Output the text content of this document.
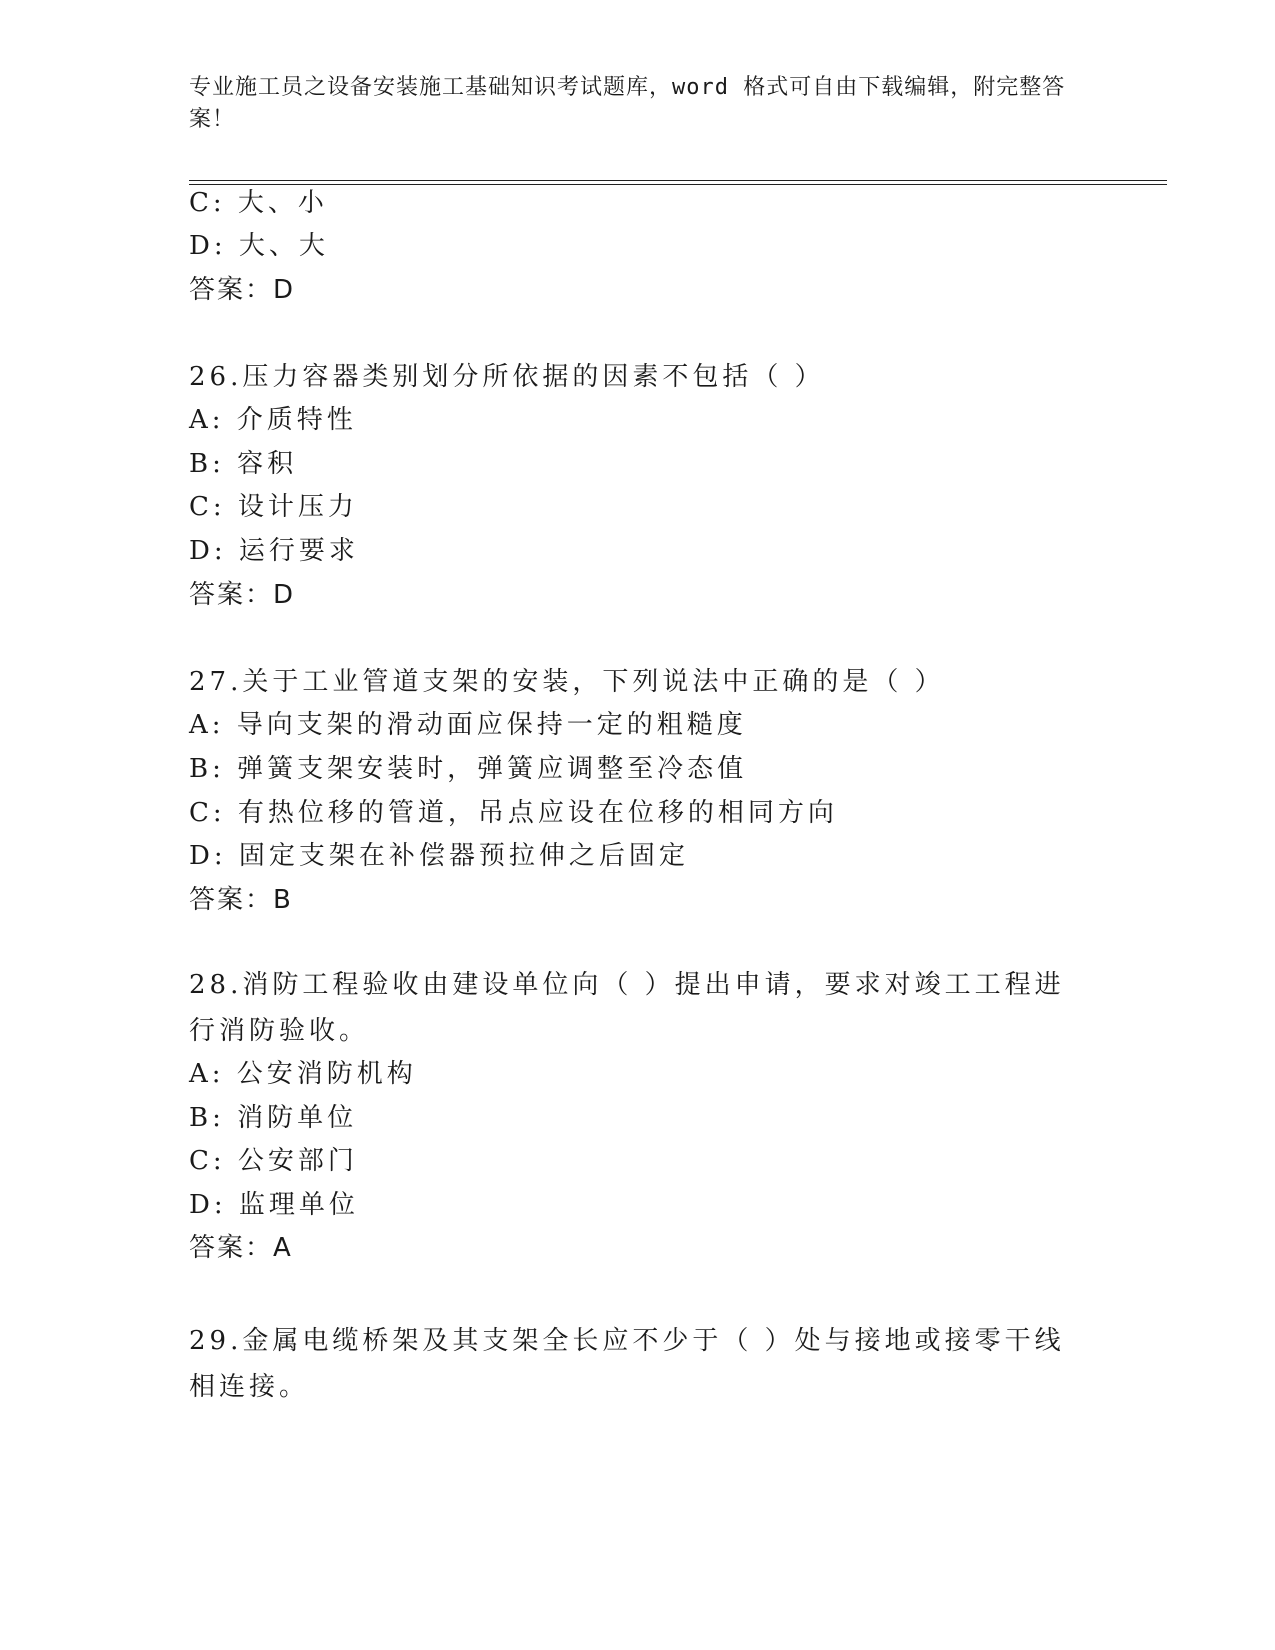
专业施工员之设备安装施工基础知识考试题库，word 格式可自由下载编辑，附完整答案！
C: 大、小
D: 大、大
答案：D
26.压力容器类别划分所依据的因素不包括（ ）
A: 介质特性
B: 容积
C: 设计压力
D: 运行要求
答案：D
27.关于工业管道支架的安装，下列说法中正确的是（ ）
A: 导向支架的滑动面应保持一定的粗糙度
B: 弹簧支架安装时，弹簧应调整至冷态值
C: 有热位移的管道，吊点应设在位移的相同方向
D: 固定支架在补偿器预拉伸之后固定
答案：B
28.消防工程验收由建设单位向（ ）提出申请，要求对竣工工程进行消防验收。
A: 公安消防机构
B: 消防单位
C: 公安部门
D: 监理单位
答案：A
29.金属电缆桥架及其支架全长应不少于（ ）处与接地或接零干线相连接。
